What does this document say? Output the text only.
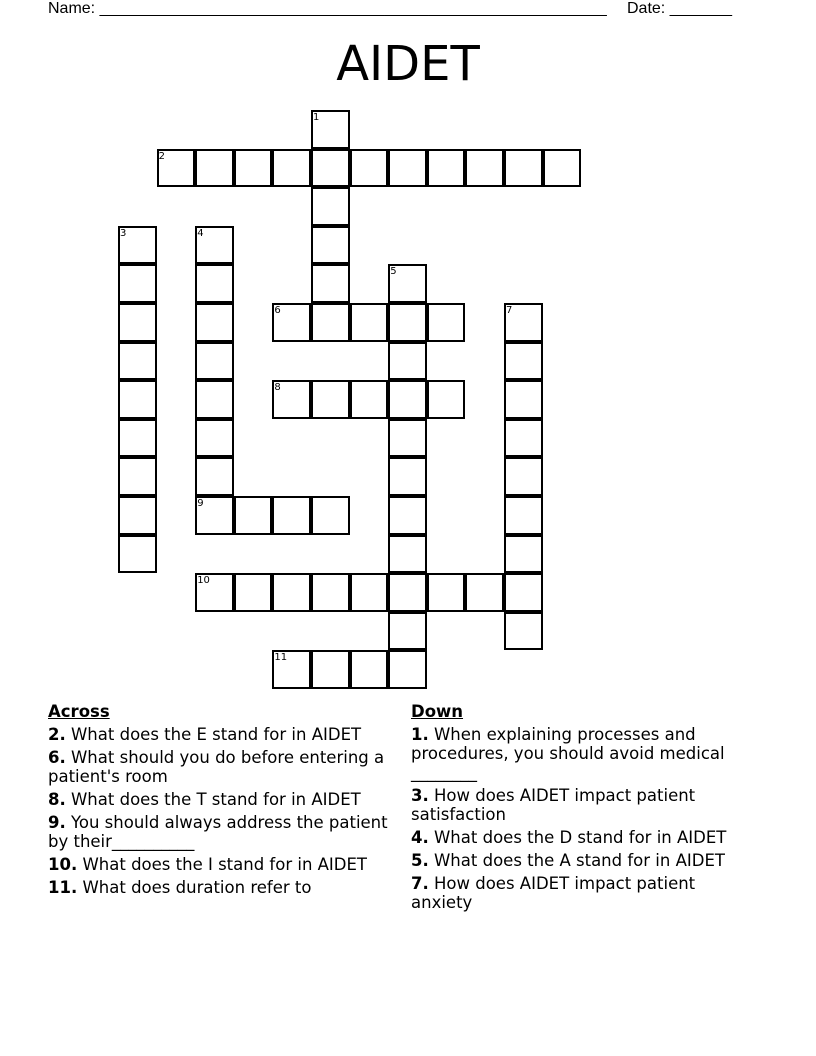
Name: _________________________________________________________ Date: _______
AIDET
1
2
3	4
5
6	7
8
9
10
11
Across
2. What does the E stand for in AIDET
6. What should you do before entering a patient's room
8. What does the T stand for in AIDET
9. You should always address the patient by their__________
10. What does the I stand for in AIDET
11. What does duration refer to
Down
1. When explaining processes and procedures, you should avoid medical ________
3. How does AIDET impact patient satisfaction
4. What does the D stand for in AIDET
5. What does the A stand for in AIDET
7. How does AIDET impact patient anxiety
